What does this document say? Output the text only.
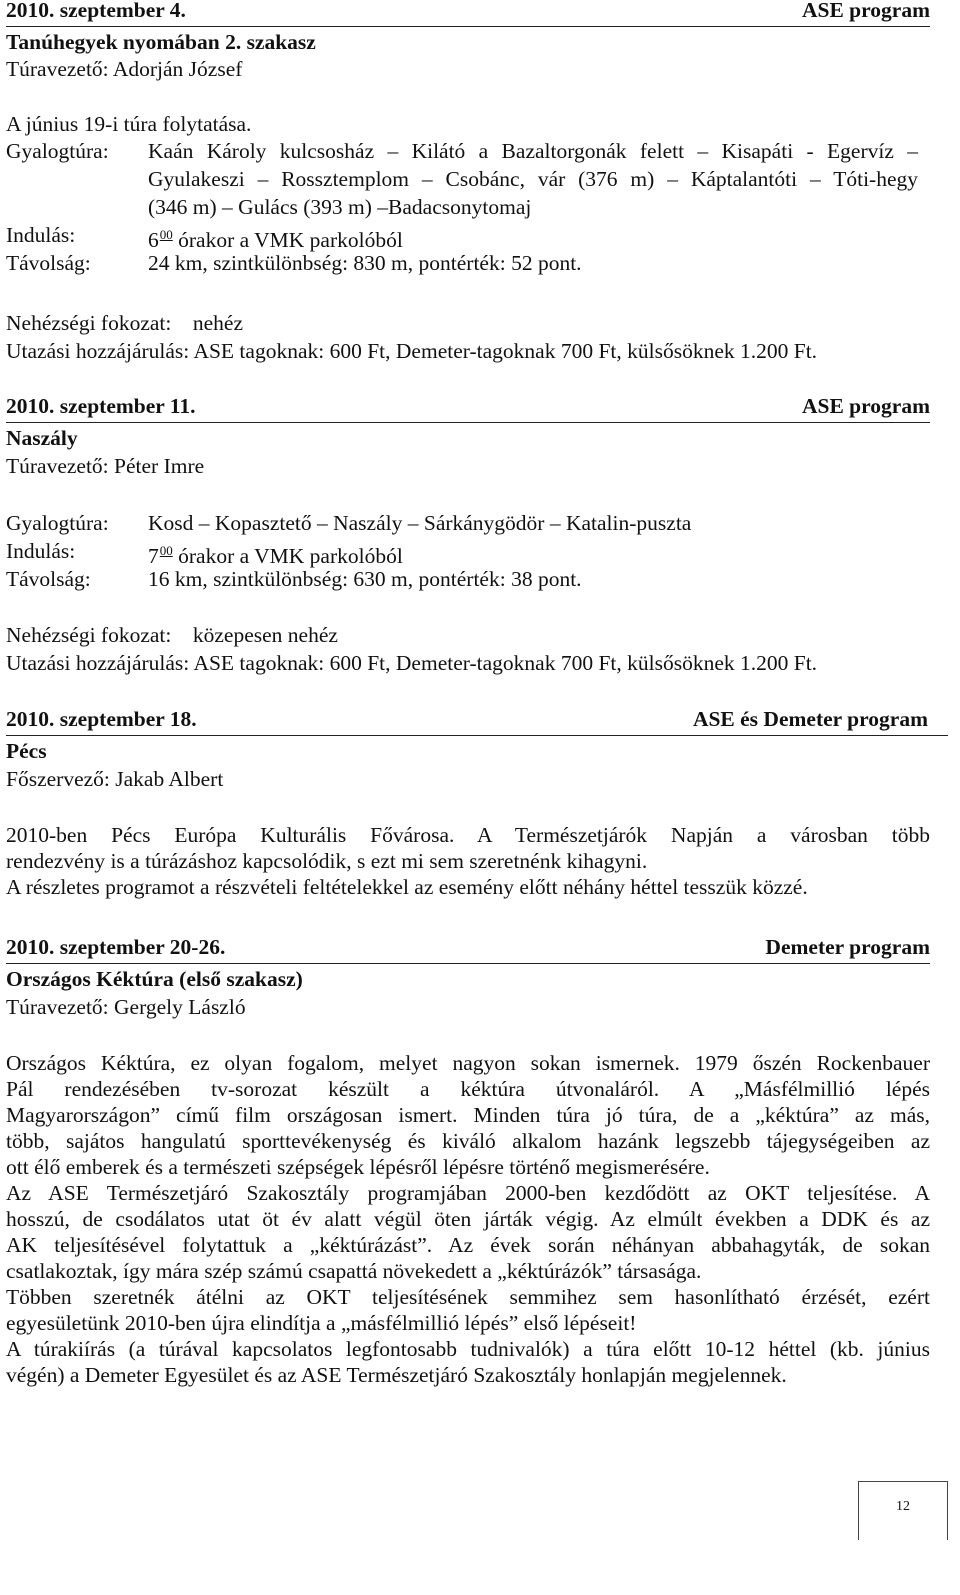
2010. szeptember 4.	ASE program
Tanúhegyek nyomában 2. szakasz
Túravezető: Adorján József
A június 19-i túra folytatása.
Gyalogtúra: Kaán Károly kulcsosház – Kilátó a Bazaltorgonák felett – Kisapáti - Egervíz –
Gyulakeszi – Rossztemplom – Csobánc, vár (376 m) – Káptalantóti – Tóti-hegy
(346 m) – Gulács (393 m) –Badacsonytomaj
Indulás:	$6^{00}$ órakor a VMK parkolóból
Távolság:	24 km, szintkülönbség: 830 m, pontérték: 52 pont.
Nehézségi fokozat: nehéz
Utazási hozzájárulás: ASE tagoknak: 600 Ft, Demeter-tagoknak 700 Ft, külsősöknek 1.200 Ft.
2010. szeptember 11.	ASE program
Naszály
Túravezető: Péter Imre
Gyalogtúra: Kosd – Kopasztető – Naszály – Sárkánygödör – Katalin-puszta
Indulás:	$7^{00}$ órakor a VMK parkolóból
Távolság:	16 km, szintkülönbség: 630 m, pontérték: 38 pont.
Nehézségi fokozat: közepesen nehéz
Utazási hozzájárulás: ASE tagoknak: 600 Ft, Demeter-tagoknak 700 Ft, külsősöknek 1.200 Ft.
2010. szeptember 18.	ASE és Demeter program
Pécs
Főszervező: Jakab Albert
2010-ben Pécs Európa Kulturális Fővárosa. A Természetjárók Napján a városban több
rendezvény is a túrázáshoz kapcsolódik, s ezt mi sem szeretnénk kihagyni.
A részletes programot a részvételi feltételekkel az esemény előtt néhány héttel tesszük közzé.
2010. szeptember 20-26.	Demeter program
Országos Kéktúra (első szakasz)
Túravezető: Gergely László
Országos Kéktúra, ez olyan fogalom, melyet nagyon sokan ismernek. 1979 őszén Rockenbauer
Pál rendezésében tv-sorozat készült a kéktúra útvonaláról. A „Másfélmillió lépés
Magyarországon” című film országosan ismert. Minden túra jó túra, de a „kéktúra” az más,
több, sajátos hangulatú sporttevékenység és kiváló alkalom hazánk legszebb tájegységeiben az
ott élő emberek és a természeti szépségek lépésről lépésre történő megismerésére.
Az ASE Természetjáró Szakosztály programjában 2000-ben kezdődött az OKT teljesítése. A
hosszú, de csodálatos utat öt év alatt végül öten járták végig. Az elmúlt években a DDK és az
AK teljesítésével folytattuk a „kéktúrázást”. Az évek során néhányan abbahagyták, de sokan
csatlakoztak, így mára szép számú csapattá növekedett a „kéktúrázók” társasága.
Többen szeretnék átélni az OKT teljesítésének semmihez sem hasonlítható érzését, ezért
egyesületünk 2010-ben újra elindítja a „másfélmillió lépés” első lépéseit!
A túrakiírás (a túrával kapcsolatos legfontosabb tudnivalók) a túra előtt 10-12 héttel (kb. június
végén) a Demeter Egyesület és az ASE Természetjáró Szakosztály honlapján megjelennek.
12
